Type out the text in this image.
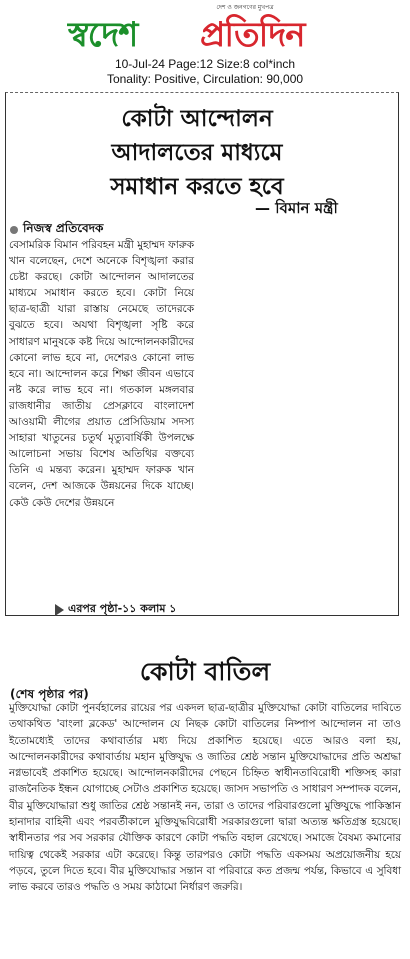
দেশ ও জনগণের মুখপত্র
স্বদেশ প্রতিদিন
10-Jul-24 Page:12 Size:8 col*inch
Tonality: Positive, Circulation: 90,000
কোটা আন্দোলন
আদালতের মাধ্যমে
সমাধান করতে হবে
— বিমান মন্ত্রী
নিজস্ব প্রতিবেদক

বেসামরিক বিমান পরিবহন মন্ত্রী মুহাম্মদ ফারুক খান বলেছেন, দেশে অনেকে বিশৃঙ্খলা করার চেষ্টা করছে। কোটা আন্দোলন আদালতের মাধ্যমে সমাধান করতে হবে। কোটা নিয়ে ছাত্র-ছাত্রী যারা রাস্তায় নেমেছে তাদেরকে বুঝতে হবে। অযথা বিশৃঙ্খলা সৃষ্টি করে সাধারণ মানুষকে কষ্ট দিয়ে আন্দোলনকারীদের কোনো লাভ হবে না, দেশেরও কোনো লাভ হবে না। আন্দোলন করে শিক্ষা জীবন এভাবে নষ্ট করে লাভ হবে না। গতকাল মঙ্গলবার রাজধানীর জাতীয় প্রেসক্লাবে বাংলাদেশ আওয়ামী লীগের প্রয়াত প্রেসিডিয়াম সদস্য সাহারা খাতুনের চতুর্থ মৃত্যুবার্ষিকী উপলক্ষে আলোচনা সভায় বিশেষ অতিথির বক্তব্যে তিনি এ মন্তব্য করেন। মুহাম্মদ ফারুক খান বলেন, দেশ আজকে উন্নয়নের দিকে যাচ্ছে। কেউ কেউ দেশের উন্নয়নে

এরপর পৃষ্ঠা-১১ কলাম ১
কোটা বাতিল
(শেষ পৃষ্ঠার পর)

মুক্তিযোদ্ধা কোটা পুনর্বহালের রায়ের পর একদল ছাত্র-ছাত্রীর মুক্তিযোদ্ধা কোটা বাতিলের দাবিতে তথাকথিত 'বাংলা ব্লকেড' আন্দোলন যে নিছক কোটা বাতিলের নিষ্পাপ আন্দোলন না তাও ইতোমধ্যেই তাদের কথাবার্তার মধ্য দিয়ে প্রকাশিত হয়েছে। এতে আরও বলা হয়, আন্দোলনকারীদের কথাবার্তায় মহান মুক্তিযুদ্ধ ও জাতির শ্রেষ্ঠ সন্তান মুক্তিযোদ্ধাদের প্রতি অশ্রদ্ধা নগ্নভাবেই প্রকাশিত হয়েছে। আন্দোলনকারীদের পেছনে চিহ্নিত স্বাধীনতাবিরোধী শক্তিসহ কারা রাজনৈতিক ইন্ধন যোগাচ্ছে সেটাও প্রকাশিত হয়েছে। জাসদ সভাপতি ও সাধারণ সম্পাদক বলেন, বীর মুক্তিযোদ্ধারা শুধু জাতির শ্রেষ্ঠ সন্তানই নন, তারা ও তাদের পরিবারগুলো মুক্তিযুদ্ধে পাকিস্তান হানাদার বাহিনী এবং পরবর্তীকালে মুক্তিযুদ্ধবিরোধী সরকারগুলো দ্বারা অত্যন্ত ক্ষতিগ্রস্ত হয়েছে। স্বাধীনতার পর সব সরকার যৌক্তিক কারণে কোটা পদ্ধতি বহাল রেখেছে। সমাজে বৈষম্য কমানোর দায়িত্ব থেকেই সরকার এটা করেছে। কিন্তু তারপরও কোটা পদ্ধতি একসময় অপ্রয়োজনীয় হয়ে পড়বে, তুলে দিতে হবে। বীর মুক্তিযোদ্ধার সন্তান বা পরিবারে কত প্রজন্ম পর্যন্ত, কিভাবে এ সুবিধা লাভ করবে তারও পদ্ধতি ও সময় কাঠামো নির্ধারণ জরুরি।
